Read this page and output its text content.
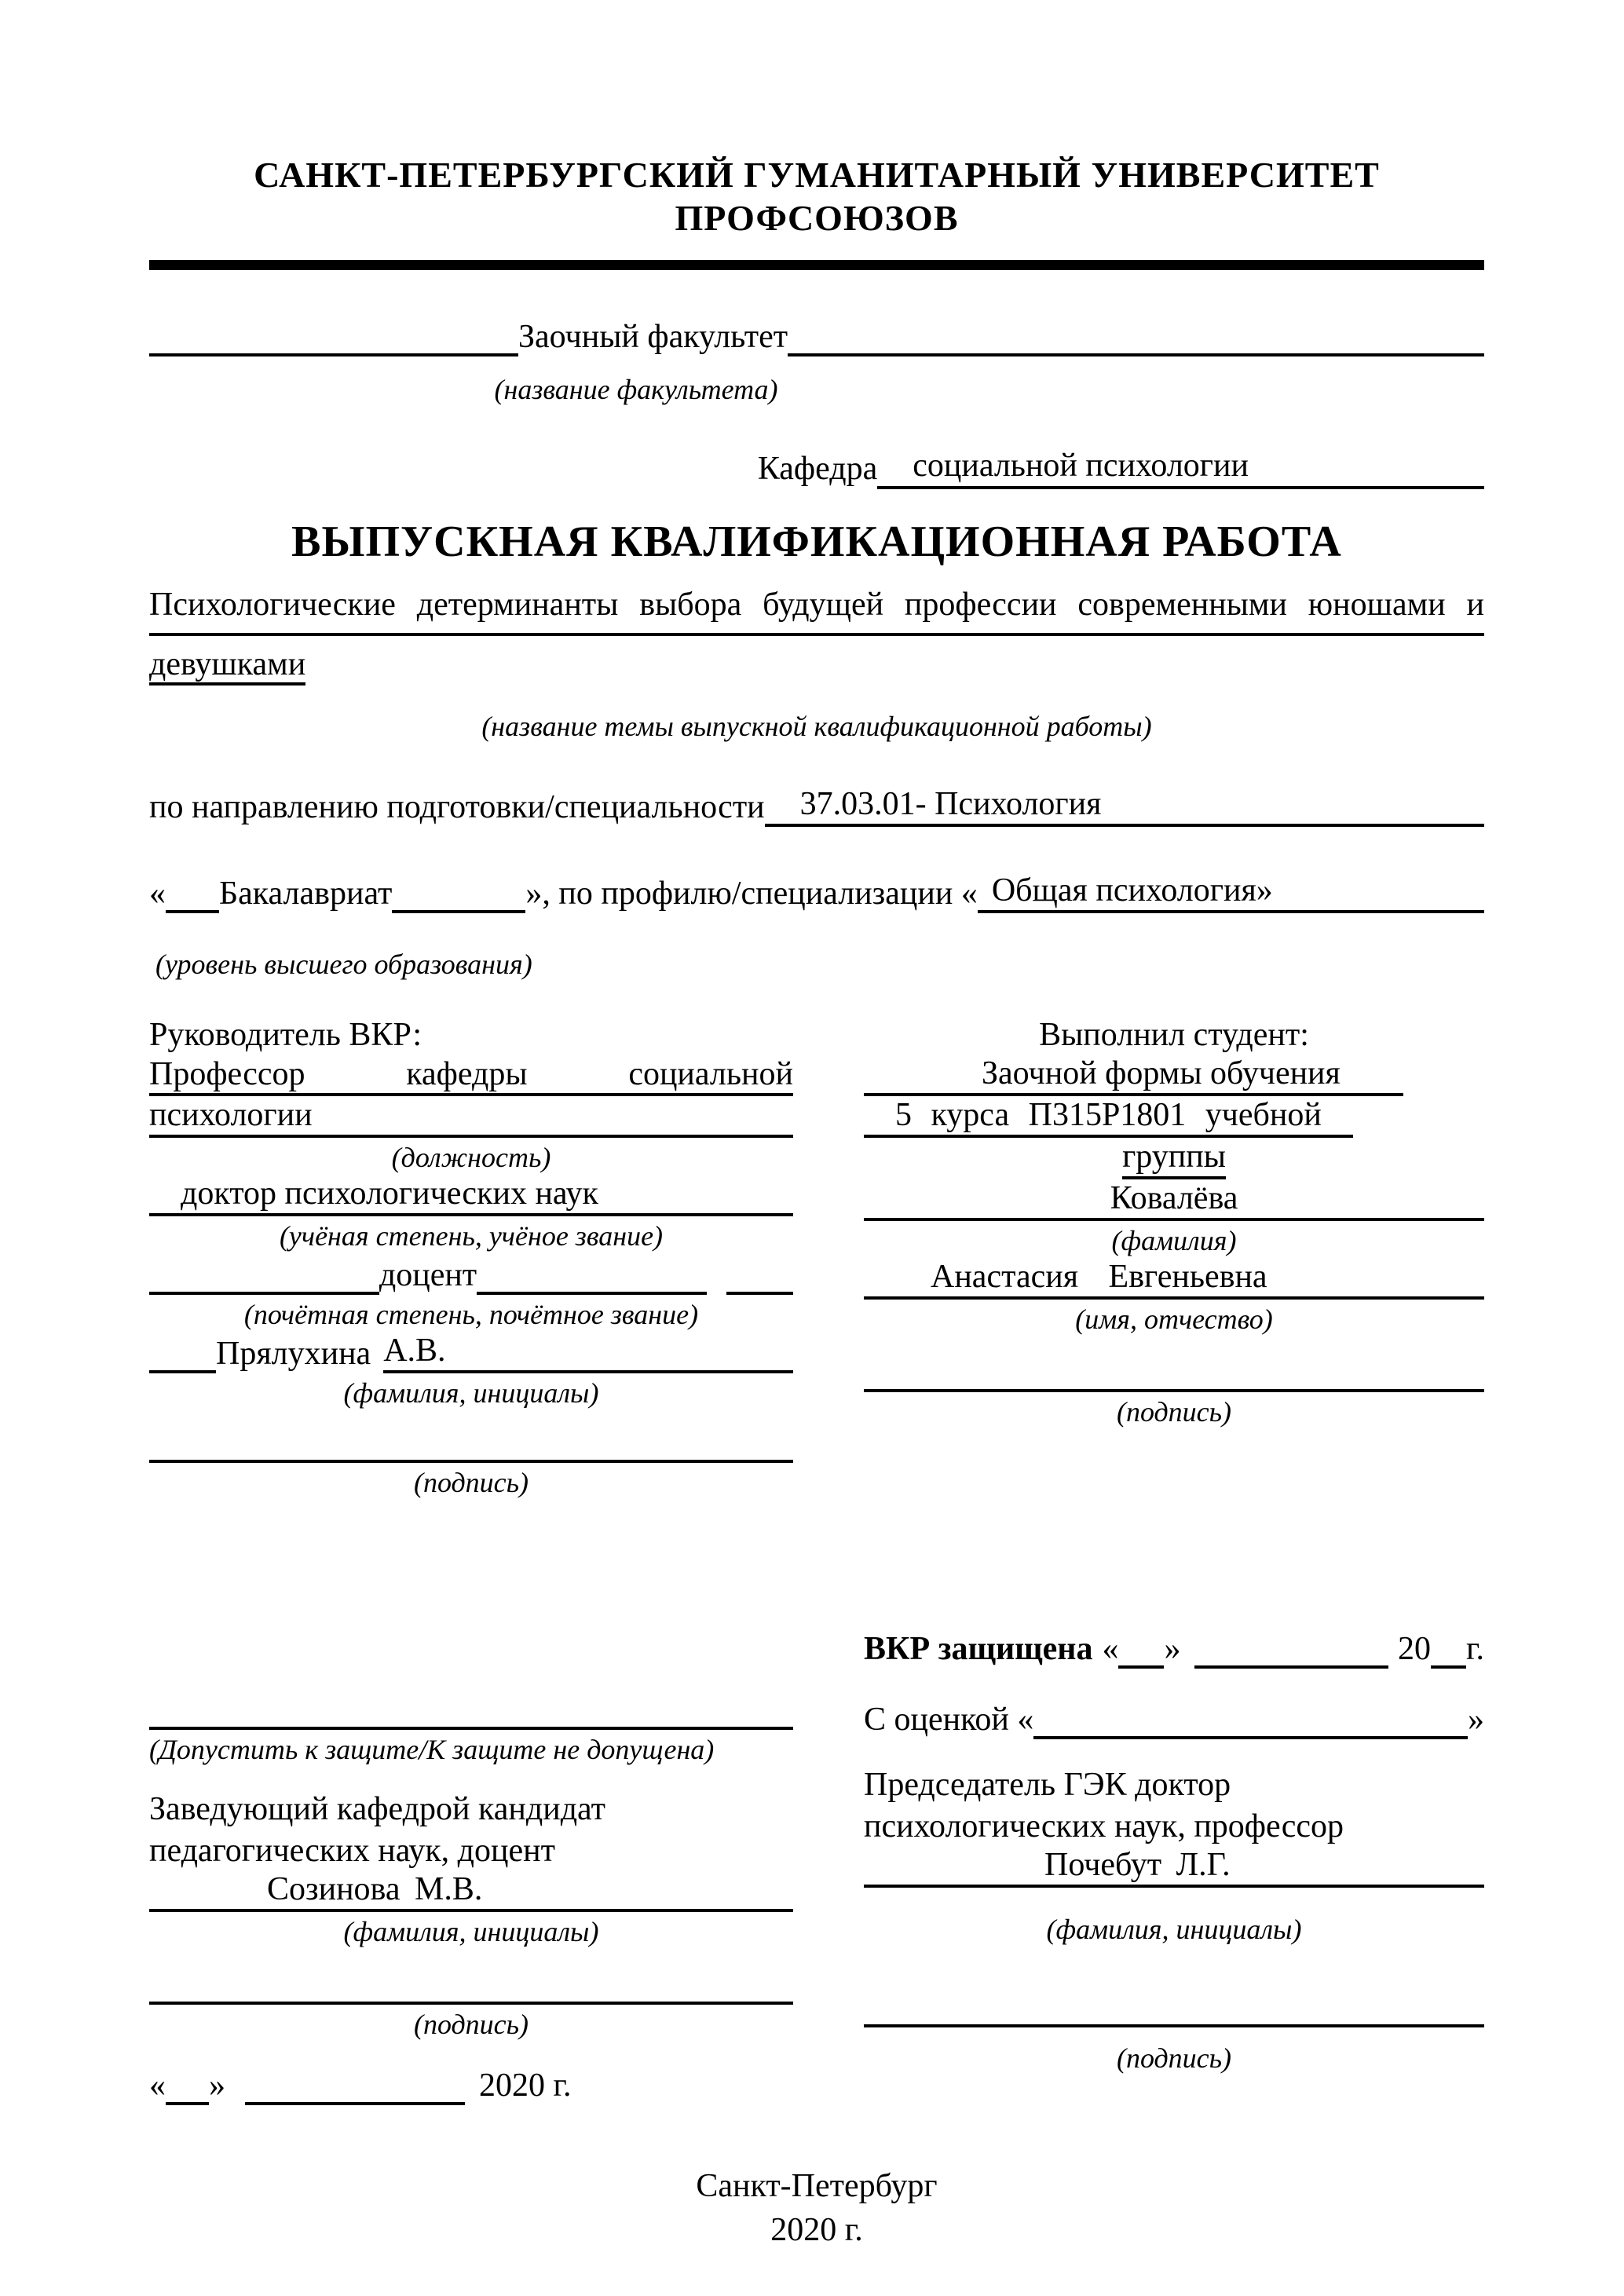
САНКТ-ПЕТЕРБУРГСКИЙ ГУМАНИТАРНЫЙ УНИВЕРСИТЕТ ПРОФСОЮЗОВ
Заочный факультет
(название факультета)
Кафедра социальной психологии
ВЫПУСКНАЯ КВАЛИФИКАЦИОННАЯ РАБОТА
Психологические детерминанты выбора будущей профессии современными юношами и
девушками
(название темы выпускной квалификационной работы)
по направлению подготовки/специальности 37.03.01- Психология
« Бакалавриат	», по профилю/специализации « Общая психология»
(уровень высшего образования)
Руководитель ВКР:
Профессор кафедры социальной
психологии
(должность)
доктор психологических наук
(учёная степень, учёное звание)
доцент
(почётная степень, почётное звание)
Прялухина А.В.
(фамилия, инициалы)
(подпись)
Выполнил студент:
Заочной формы обучения
5 курса П315Р1801 учебной
группы
Ковалёва
(фамилия)
Анастасия Евгеньевна
(имя, отчество)
(подпись)
(Допустить к защите/К защите не допущена)
Заведующий кафедрой кандидат
педагогических наук, доцент
Созинова М.В.
(фамилия, инициалы)
(подпись)
« »	2020 г.
ВКР защищена « »	20 г.
С оценкой «	»
Председатель ГЭК доктор
психологических наук, профессор
Почебут Л.Г.
(фамилия, инициалы)
(подпись)
Санкт-Петербург
2020 г.
